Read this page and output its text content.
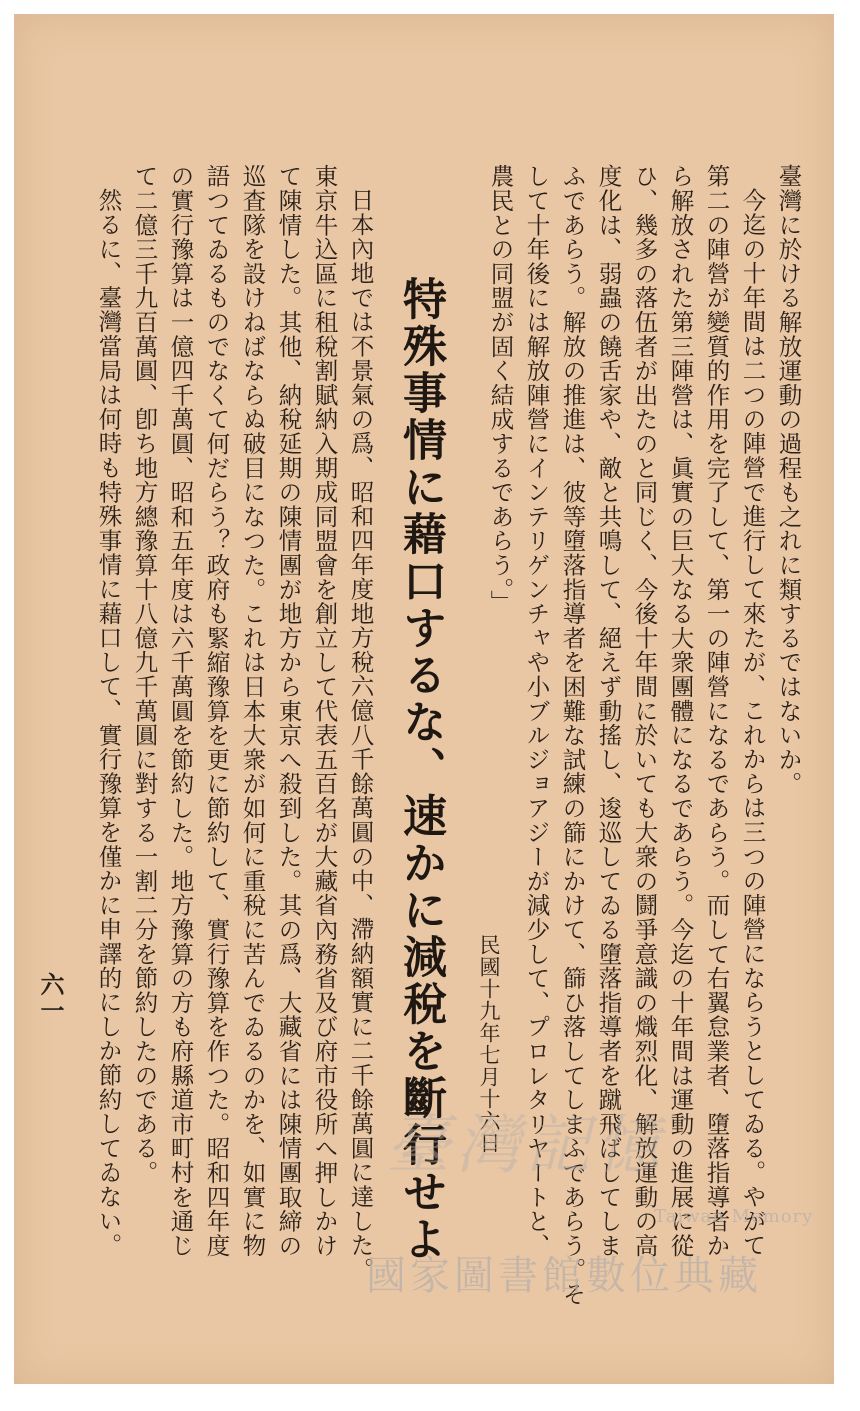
臺灣に於ける解放運動の過程も之れに類するではないか。
今迄の十年間は二つの陣營で進行して來たが、これからは三つの陣營にならうとしてゐる。やがて
第二の陣營が變質的作用を完了して、第一の陣營になるであらう。而して右翼怠業者、墮落指導者か
ら解放された第三陣營は、眞實の巨大なる大衆團體になるであらう。今迄の十年間は運動の進展に從
ひ、幾多の落伍者が出たのと同じく、今後十年間に於いても大衆の鬪爭意識の熾烈化、解放運動の高
度化は、弱蟲の饒舌家や、敵と共鳴して、絕えず動搖し、逡巡してゐる墮落指導者を蹴飛ばしてしま
ふであらう。解放の推進は、彼等墮落指導者を困難な試練の篩にかけて、篩ひ落してしまふであらう。そ
して十年後には解放陣營にインテリゲンチャや小ブルジョアジーが減少して、プロレタリヤートと、
農民との同盟が固く結成するであらう。」
民國十九年七月十六日
特殊事情に藉口するな、速かに減稅を斷行せよ
日本內地では不景氣の爲、昭和四年度地方稅六億八千餘萬圓の中、滯納額實に二千餘萬圓に達した。
東京牛込區に租稅割賦納入期成同盟會を創立して代表五百名が大藏省內務省及び府市役所へ押しかけ
て陳情した。其他、納稅延期の陳情團が地方から東京へ殺到した。其の爲、大藏省には陳情團取締の
巡査隊を設けねばならぬ破目になつた。これは日本大衆が如何に重稅に苦んでゐるのかを、如實に物
語つてゐるものでなくて何だらう？政府も緊縮豫算を更に節約して、實行豫算を作つた。昭和四年度
の實行豫算は一億四千萬圓、昭和五年度は六千萬圓を節約した。地方豫算の方も府縣道市町村を通じ
て二億三千九百萬圓、卽ち地方總豫算十八億九千萬圓に對する一割二分を節約したのである。
然るに、臺灣當局は何時も特殊事情に藉口して、實行豫算を僅かに申譯的にしか節約してゐない。
六一
臺灣記憶
Taiwan Memory
國家圖書館數位典藏
